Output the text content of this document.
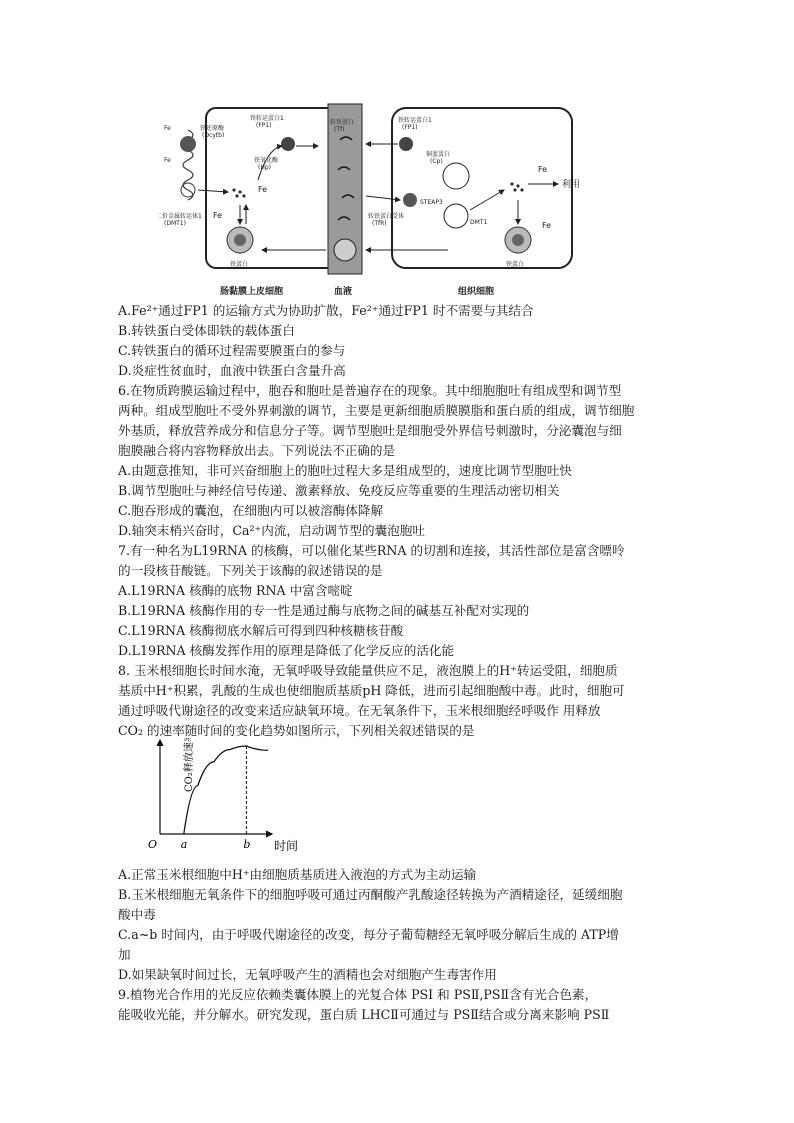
Fe	铁还原酶
(Dcytb)
Fe
二价金属转运体1
(DMT1)
铁转运蛋白1
(FP1)
铁氧化酶
(Hp)
Fe
Fe
铁蛋白
转铁蛋白
(Tf)
铁转运蛋白1
(FP1)
铜蓝蛋白
(Cp)
转铁蛋白受体
(TfR)
STEAP3
DMT1
利用
Fe
Fe
铁蛋白
肠黏膜上皮细胞	血液	组织细胞
A.Fe²⁺通过FP1 的运输方式为协助扩散，Fe²⁺通过FP1 时不需要与其结合
B.转铁蛋白受体即铁的载体蛋白
C.转铁蛋白的循环过程需要膜蛋白的参与
D.炎症性贫血时，血液中铁蛋白含量升高
6.在物质跨膜运输过程中，胞吞和胞吐是普遍存在的现象。其中细胞胞吐有组成型和调节型
两种。组成型胞吐不受外界刺激的调节，主要是更新细胞质膜膜脂和蛋白质的组成，调节细胞
外基质，释放营养成分和信息分子等。调节型胞吐是细胞受外界信号刺激时，分泌囊泡与细
胞膜融合将内容物释放出去。下列说法不正确的是
A.由题意推知，非可兴奋细胞上的胞吐过程大多是组成型的，速度比调节型胞吐快
B.调节型胞吐与神经信号传递、激素释放、免疫反应等重要的生理活动密切相关
C.胞吞形成的囊泡，在细胞内可以被溶酶体降解
D.轴突末梢兴奋时，Ca²⁺内流，启动调节型的囊泡胞吐
7.有一种名为L19RNA 的核酶，可以催化某些RNA 的切割和连接，其活性部位是富含嘌呤
的一段核苷酸链。下列关于该酶的叙述错误的是
A.L19RNA 核酶的底物 RNA 中富含嘧啶
B.L19RNA 核酶作用的专一性是通过酶与底物之间的碱基互补配对实现的
C.L19RNA 核酶彻底水解后可得到四种核糖核苷酸
D.L19RNA 核酶发挥作用的原理是降低了化学反应的活化能
8. 玉米根细胞长时间水淹，无氧呼吸导致能量供应不足，液泡膜上的H⁺转运受阻，细胞质
基质中H⁺积累，乳酸的生成也使细胞质基质pH 降低，进而引起细胞酸中毒。此时，细胞可
通过呼吸代谢途径的改变来适应缺氧环境。在无氧条件下，玉米根细胞经呼吸作 用释放
CO₂ 的速率随时间的变化趋势如图所示，下列相关叙述错误的是
CO₂释放速率
时间
O a	b
A.正常玉米根细胞中H⁺由细胞质基质进入液泡的方式为主动运输
B.玉米根细胞无氧条件下的细胞呼吸可通过丙酮酸产乳酸途径转换为产酒精途径，延缓细胞
酸中毒
C.a~b 时间内，由于呼吸代谢途径的改变，每分子葡萄糖经无氧呼吸分解后生成的 ATP增
加
D.如果缺氧时间过长，无氧呼吸产生的酒精也会对细胞产生毒害作用
9.植物光合作用的光反应依赖类囊体膜上的光复合体 PSI 和 PSⅡ,PSⅡ含有光合色素，
能吸收光能，并分解水。研究发现，蛋白质 LHCⅡ可通过与 PSⅡ结合或分离来影响 PSⅡ
